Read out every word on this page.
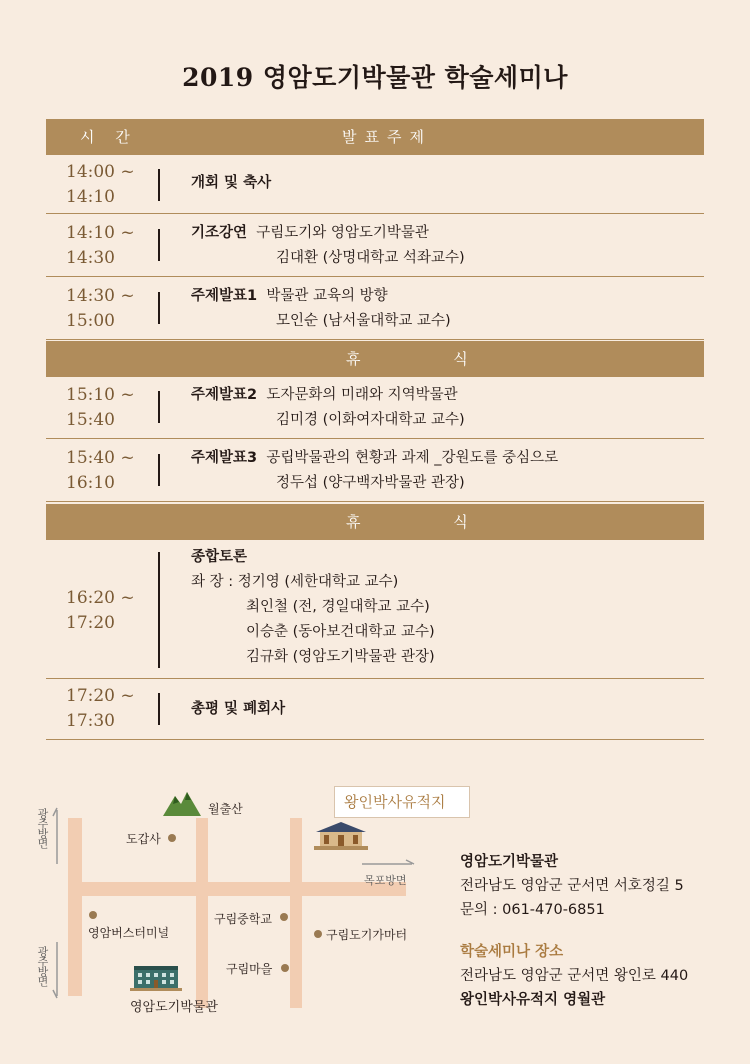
2019 영암도기박물관 학술세미나
시 간	발표주제
14:00 ~
14:10
개회 및 축사
14:10 ~
14:30
기조강연 구림도기와 영암도기박물관
김대환 (상명대학교 석좌교수)
14:30 ~
15:00
주제발표1 박물관 교육의 방향
모인순 (남서울대학교 교수)
휴 식
15:10 ~
15:40
주제발표2 도자문화의 미래와 지역박물관
김미경 (이화여자대학교 교수)
15:40 ~
16:10
주제발표3 공립박물관의 현황과 과제 _강원도를 중심으로
정두섭 (양구백자박물관 관장)
휴 식
16:20 ~
17:20
종합토론
좌 장 : 정기영 (세한대학교 교수)
최인철 (전, 경일대학교 교수)
이승춘 (동아보건대학교 교수)
김규화 (영암도기박물관 관장)
17:20 ~
17:30
총평 및 폐회사
광주방면
광주방면
목포방면
월출산	왕인박사유적지
도갑사
영암버스터미널
구림중학교
구림도기가마터
구림마을
영암도기박물관
영암도기박물관
전라남도 영암군 군서면 서호정길 5
문의 : 061-470-6851
학술세미나 장소
전라남도 영암군 군서면 왕인로 440
왕인박사유적지 영월관
